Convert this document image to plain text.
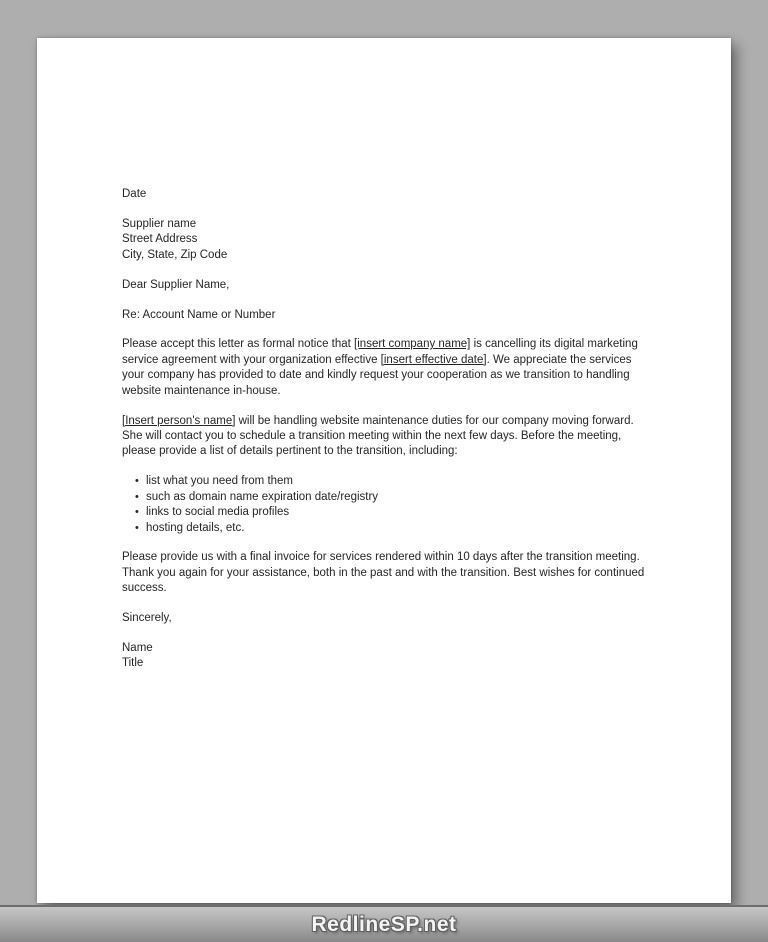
Date

Supplier name
Street Address
City, State, Zip Code

Dear Supplier Name,

Re: Account Name or Number

Please accept this letter as formal notice that [insert company name] is cancelling its digital marketing service agreement with your organization effective [insert effective date]. We appreciate the services your company has provided to date and kindly request your cooperation as we transition to handling website maintenance in-house.

[Insert person's name] will be handling website maintenance duties for our company moving forward. She will contact you to schedule a transition meeting within the next few days. Before the meeting, please provide a list of details pertinent to the transition, including:

• list what you need from them
• such as domain name expiration date/registry
• links to social media profiles
• hosting details, etc.

Please provide us with a final invoice for services rendered within 10 days after the transition meeting. Thank you again for your assistance, both in the past and with the transition. Best wishes for continued success.

Sincerely,

Name
Title

RedlineSP.net
